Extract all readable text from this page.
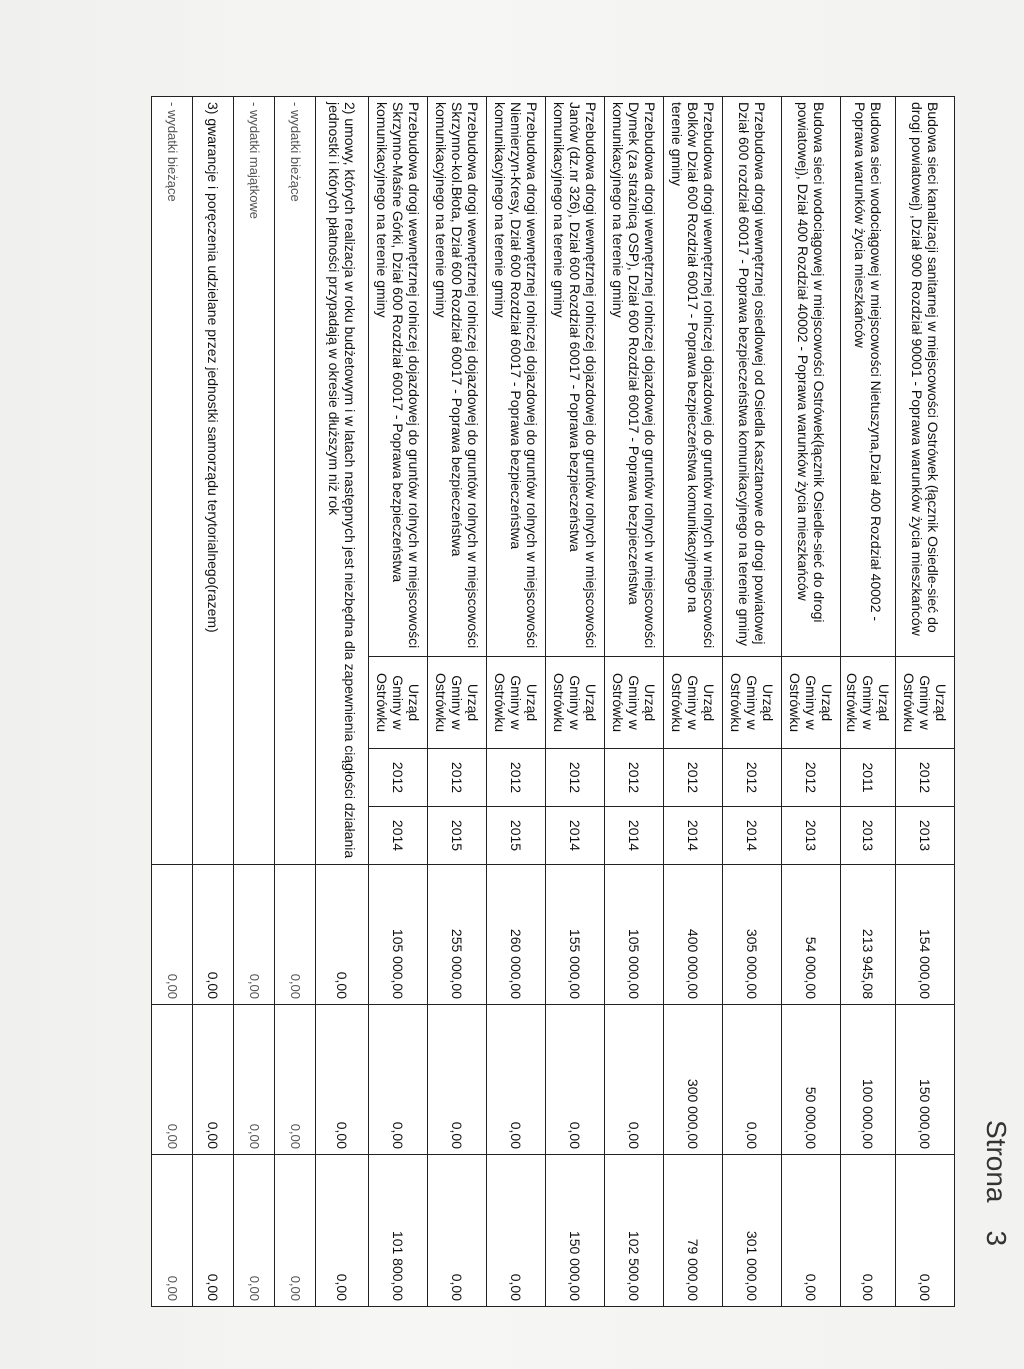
Strona3
Budowa sieci kanalizacji sanitarnej w miejscowości Ostrówek (łącznik Osiedle-sieć do drogi powiatowej) ,Dział 900 Rozdział 90001 - Poprawa warunków życia mieszkańców	Urząd Gminy w Ostrówku	2012	2013	154 000,00	150 000,00	0,00
Budowa sieci wodociągowej w miejscowości Nietuszyna,Dział 400 Rozdział 40002 - Poprawa warunków życia mieszkańców	Urząd Gminy w Ostrówku	2011	2013	213 945,08	100 000,00	0,00
Budowa sieci wodociągowej w miejscowości Ostrówek(łącznik Osiedle-sieć do drogi powiatowej), Dział 400 Rozdział 40002 - Poprawa warunków życia mieszkańców	Urząd Gminy w Ostrówku	2012	2013	54 000,00	50 000,00	0,00
Przebudowa drogi wewnętrznej osiedlowej od Osiedla Kasztanowe do drogi powiatowej Dział 600 rozdział 60017 - Poprawa bezpieczeństwa komunikacyjnego na terenie gminy	Urząd Gminy w Ostrówku	2012	2014	305 000,00	0,00	301 000,00
Przebudowa drogi wewnętrznej rolniczej dojazdowej do gruntów rolnych w miejscowości Bolków Dział 600 Rozdział 60017 - Poprawa bezpieczeństwa komunikacyjnego na terenie gminy	Urząd Gminy w Ostrówku	2012	2014	400 000,00	300 000,00	79 000,00
Przebudowa drogi wewnętrznej rolniczej dojazdowej do gruntów rolnych w miejscowości Dymek (za strażnicą OSP), Dział 600 Rozdział 60017 - Poprawa bezpieczeństwa komunikacyjnego na terenie gminy	Urząd Gminy w Ostrówku	2012	2014	105 000,00	0,00	102 500,00
Przebudowa drogi wewnętrznej rolniczej dojazdowej do gruntów rolnych w miejscowości Janów (dz.nr 326), Dział 600 Rozdział 60017 - Poprawa bezpieczeństwa komunikacyjnego na terenie gminy	Urząd Gminy w Ostrówku	2012	2014	155 000,00	0,00	150 000,00
Przebudowa drogi wewnętrznej rolniczej dojazdowej do gruntów rolnych w miejscowości Niemierzyn-Kresy, Dział 600 Rozdział 60017 - Poprawa bezpieczeństwa komunikacyjnego na terenie gminy	Urząd Gminy w Ostrówku	2012	2015	260 000,00	0,00	0,00
Przebudowa drogi wewnętrznej rolniczej dojazdowej do gruntów rolnych w miejscowości Skrzynno-kol.Błota, Dział 600 Rozdział 60017 - Poprawa bezpieczeństwa komunikacyjnego na terenie gminy	Urząd Gminy w Ostrówku	2012	2015	255 000,00	0,00	0,00
Przebudowa drogi wewnętrznej rolniczej dojazdowej do gruntów rolnych w miejscowości Skrzynno-Maśne Górki, Dział 600 Rozdział 60017 - Poprawa bezpieczeństwa komunikacyjnego na terenie gminy	Urząd Gminy w Ostrówku	2012	2014	105 000,00	0,00	101 800,00
2) umowy, których realizacja w roku budżetowym i w latach następnych jest niezbędna dla zapewnienia ciągłości działania jednostki i których płatności przypadają w okresie dłuższym niż rok				0,00	0,00	0,00
- wydatki bieżące				0,00	0,00	0,00
- wydatki majątkowe				0,00	0,00	0,00
3) gwarancje i poręczenia udzielane przez jednostki samorządu terytorialnego(razem)				0,00	0,00	0,00
- wydatki bieżące				0,00	0,00	0,00
